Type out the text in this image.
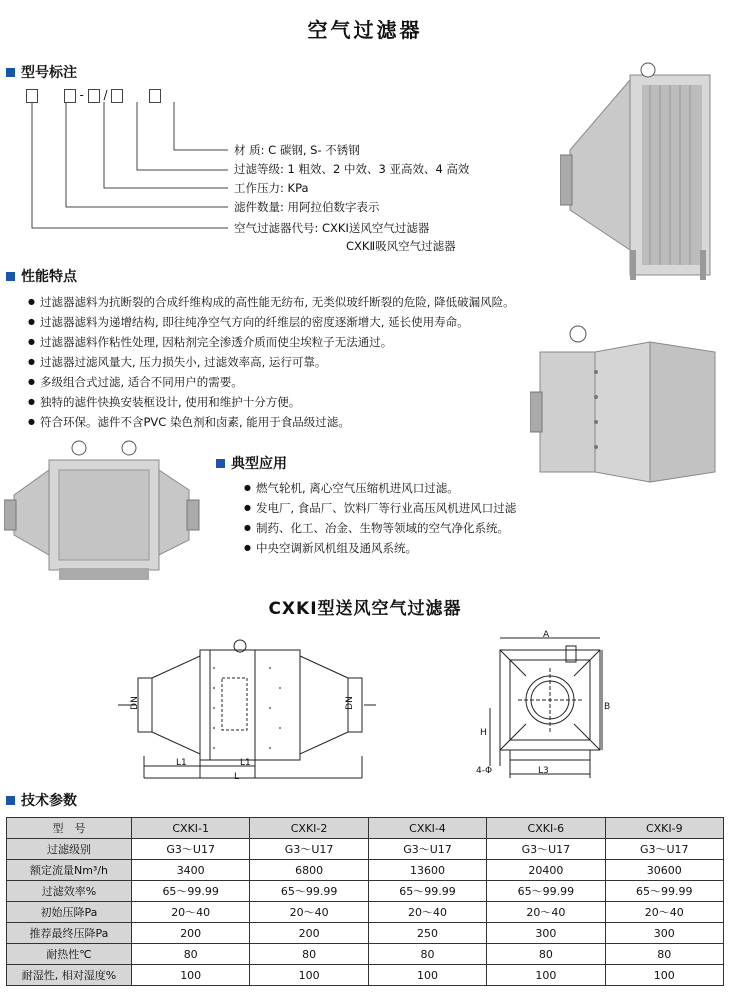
空气过滤器
型号标注
- /
材 质: C 碳钢, S- 不锈钢
过滤等级: 1 粗效、2 中效、3 亚高效、4 高效
工作压力: KPa
滤件数量: 用阿拉伯数字表示
空气过滤器代号: CXKⅠ送风空气过滤器
CXKⅡ吸风空气过滤器
性能特点
● 过滤器滤料为抗断裂的合成纤维构成的高性能无纺布, 无类似玻纤断裂的危险, 降低破漏风险。
● 过滤器滤料为递增结构, 即往纯净空气方向的纤维层的密度逐渐增大, 延长使用寿命。
● 过滤器滤料作粘性处理, 因粘剂完全渗透介质而使尘埃粒子无法通过。
● 过滤器过滤风量大, 压力损失小, 过滤效率高, 运行可靠。
● 多级组合式过滤, 适合不同用户的需要。
● 独特的滤件快换安装框设计, 使用和维护十分方便。
● 符合环保。滤件不含PVC 染色剂和卤素, 能用于食品级过滤。
典型应用
● 燃气轮机, 离心空气压缩机进风口过滤。
● 发电厂, 食品厂、饮料厂等行业高压风机进风口过滤
● 制药、化工、冶金、生物等领域的空气净化系统。
● 中央空调新风机组及通风系统。
CXKⅠ型送风空气过滤器
DN	DN
L1	L1
L
A
B
H
L3
4-Φ
技术参数
型　号	CXKⅠ-1	CXKⅠ-2	CXKⅠ-4	CXKⅠ-6	CXKⅠ-9
过滤级别	G3～U17	G3～U17	G3～U17	G3～U17	G3～U17
额定流量Nm³/h	3400	6800	13600	20400	30600
过滤效率%	65～99.99	65～99.99	65～99.99	65～99.99	65～99.99
初始压降Pa	20～40	20～40	20～40	20～40	20～40
推荐最终压降Pa	200	200	250	300	300
耐热性℃	80	80	80	80	80
耐湿性, 相对湿度%	100	100	100	100	100
